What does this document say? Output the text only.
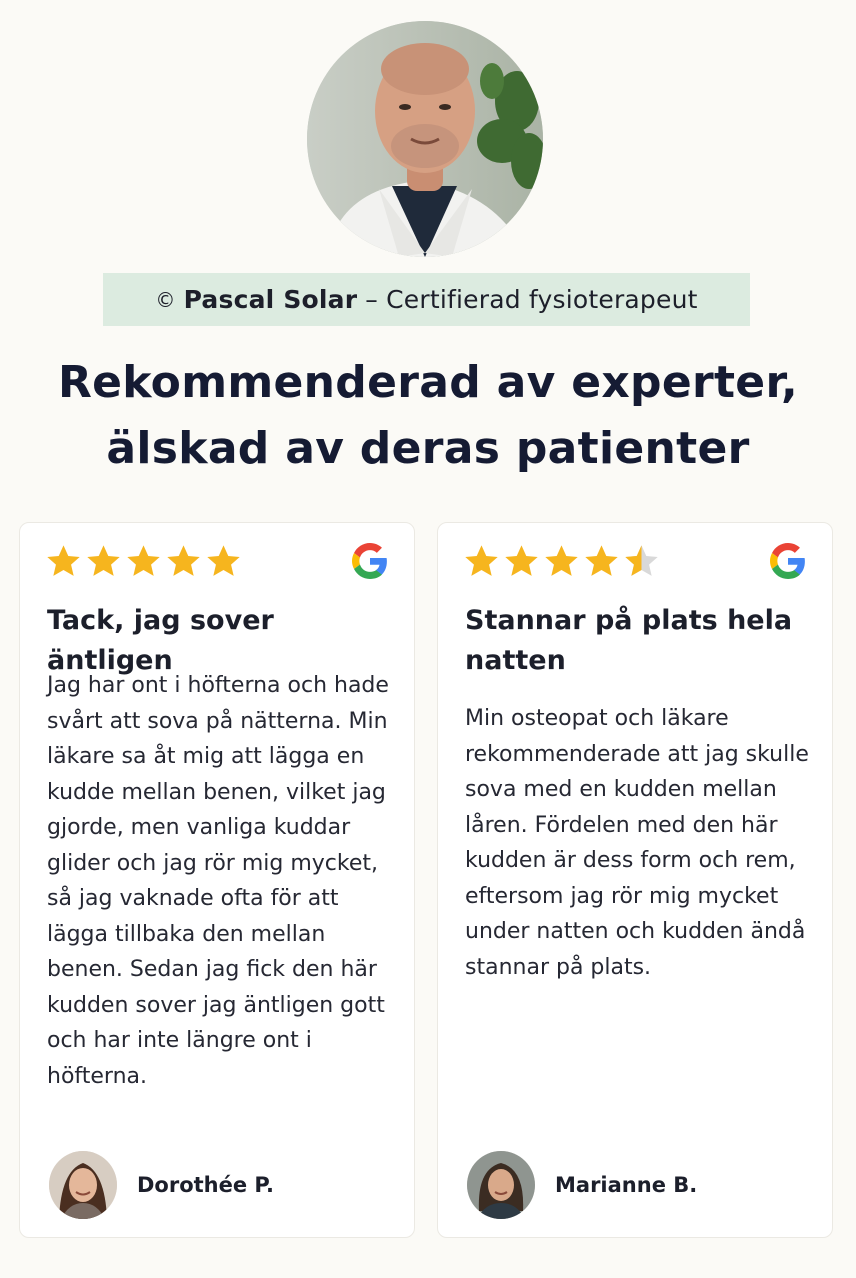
© Pascal Solar – Certifierad fysioterapeut
Rekommenderad av experter,
älskad av deras patienter
Tack, jag sover äntligen
Jag har ont i höfterna och hade svårt att sova på nätterna. Min läkare sa åt mig att lägga en kudde mellan benen, vilket jag gjorde, men vanliga kuddar glider och jag rör mig mycket, så jag vaknade ofta för att lägga tillbaka den mellan benen. Sedan jag fick den här kudden sover jag äntligen gott och har inte längre ont i höfterna.
Dorothée P.
Stannar på plats hela natten
Min osteopat och läkare rekommenderade att jag skulle sova med en kudden mellan låren. Fördelen med den här kudden är dess form och rem, eftersom jag rör mig mycket under natten och kudden ändå stannar på plats.
Marianne B.
